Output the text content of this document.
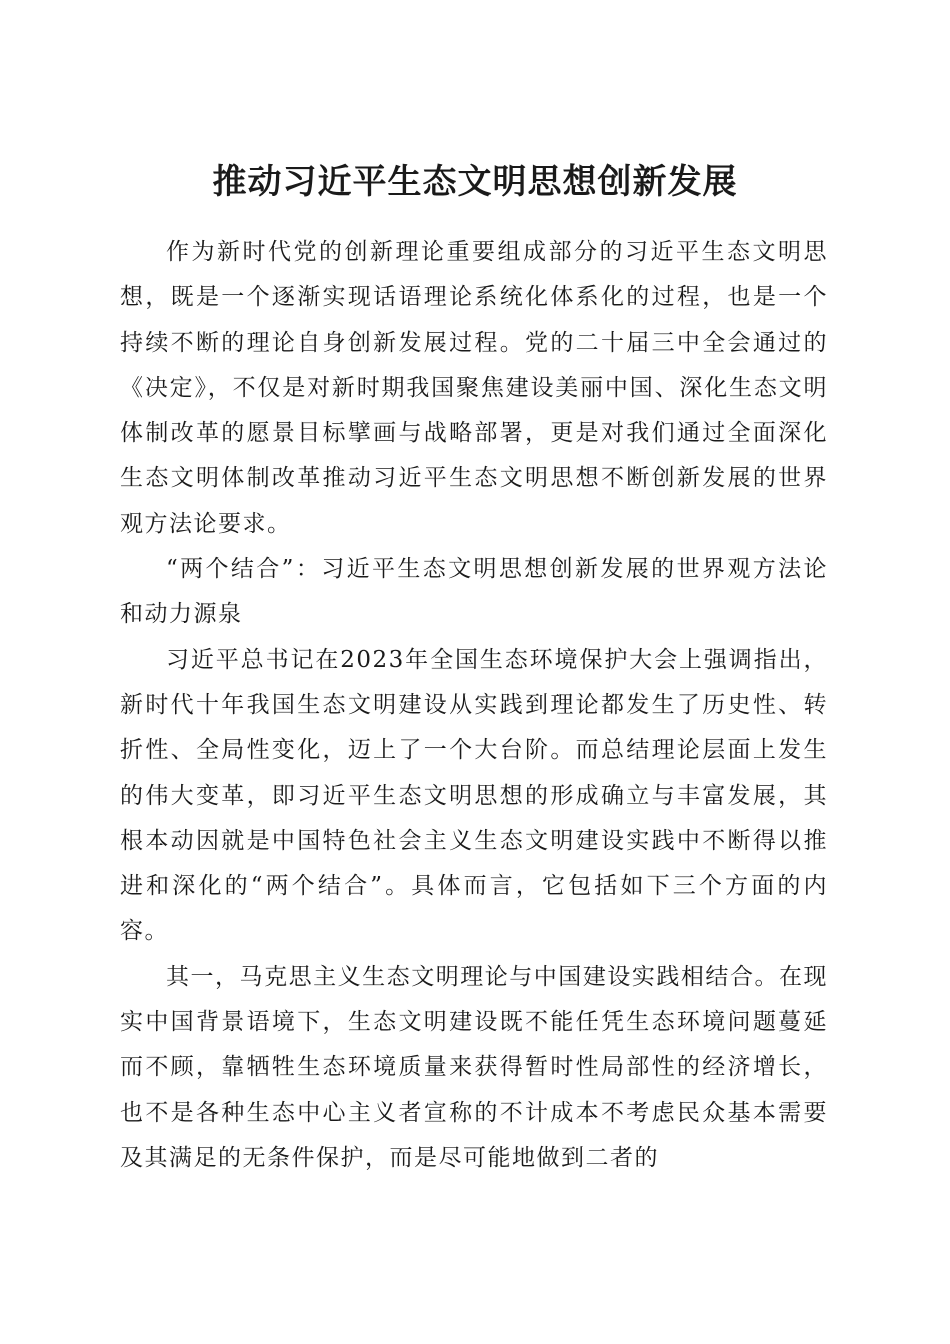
推动习近平生态文明思想创新发展

作为新时代党的创新理论重要组成部分的习近平生态文明思想，既是一个逐渐实现话语理论系统化体系化的过程，也是一个持续不断的理论自身创新发展过程。党的二十届三中全会通过的《决定》，不仅是对新时期我国聚焦建设美丽中国、深化生态文明体制改革的愿景目标擘画与战略部署，更是对我们通过全面深化生态文明体制改革推动习近平生态文明思想不断创新发展的世界观方法论要求。

“两个结合”：习近平生态文明思想创新发展的世界观方法论和动力源泉

习近平总书记在2023年全国生态环境保护大会上强调指出，新时代十年我国生态文明建设从实践到理论都发生了历史性、转折性、全局性变化，迈上了一个大台阶。而总结理论层面上发生的伟大变革，即习近平生态文明思想的形成确立与丰富发展，其根本动因就是中国特色社会主义生态文明建设实践中不断得以推进和深化的“两个结合”。具体而言，它包括如下三个方面的内容。

其一，马克思主义生态文明理论与中国建设实践相结合。在现实中国背景语境下，生态文明建设既不能任凭生态环境问题蔓延而不顾，靠牺牲生态环境质量来获得暂时性局部性的经济增长，也不是各种生态中心主义者宣称的不计成本不考虑民众基本需要及其满足的无条件保护，而是尽可能地做到二者的
